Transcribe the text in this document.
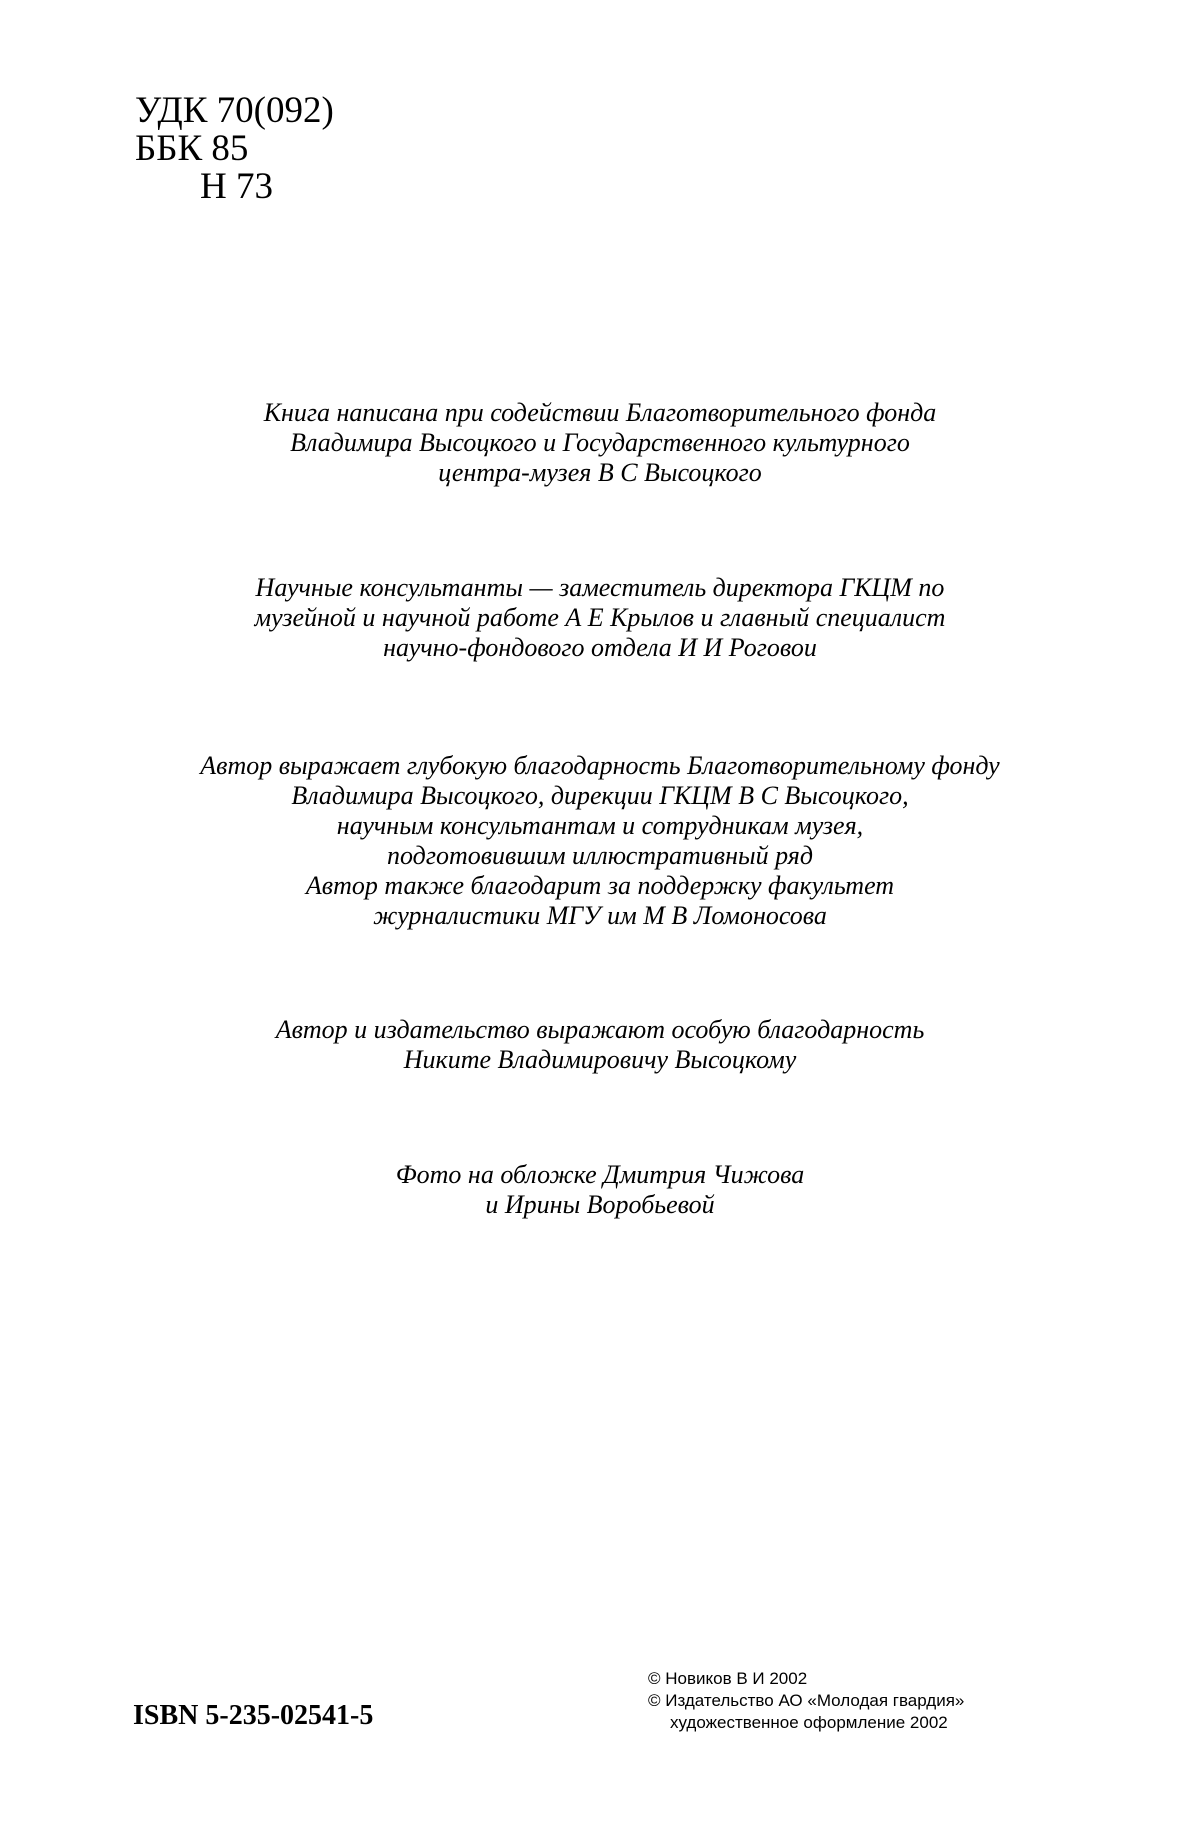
УДК 70(092)
ББК 85
Н 73
Книга написана при содействии Благотворительного фонда
Владимира Высоцкого и Государственного культурного
центра-музея В С Высоцкого
Научные консультанты — заместитель директора ГКЦМ по
музейной и научной работе А Е Крылов и главный специалист
научно-фондового отдела И И Роговои
Автор выражает глубокую благодарность Благотворительному фонду
Владимира Высоцкого, дирекции ГКЦМ В С Высоцкого,
научным консультантам и сотрудникам музея,
подготовившим иллюстративный ряд
Автор также благодарит за поддержку факультет
журналистики МГУ им М В Ломоносова
Автор и издательство выражают особую благодарность
Никите Владимировичу Высоцкому
Фото на обложке Дмитрия Чижова
и Ирины Воробьевой
ISBN 5-235-02541-5
© Новиков В И 2002
© Издательство АО «Молодая гвардия»
художественное оформление 2002
